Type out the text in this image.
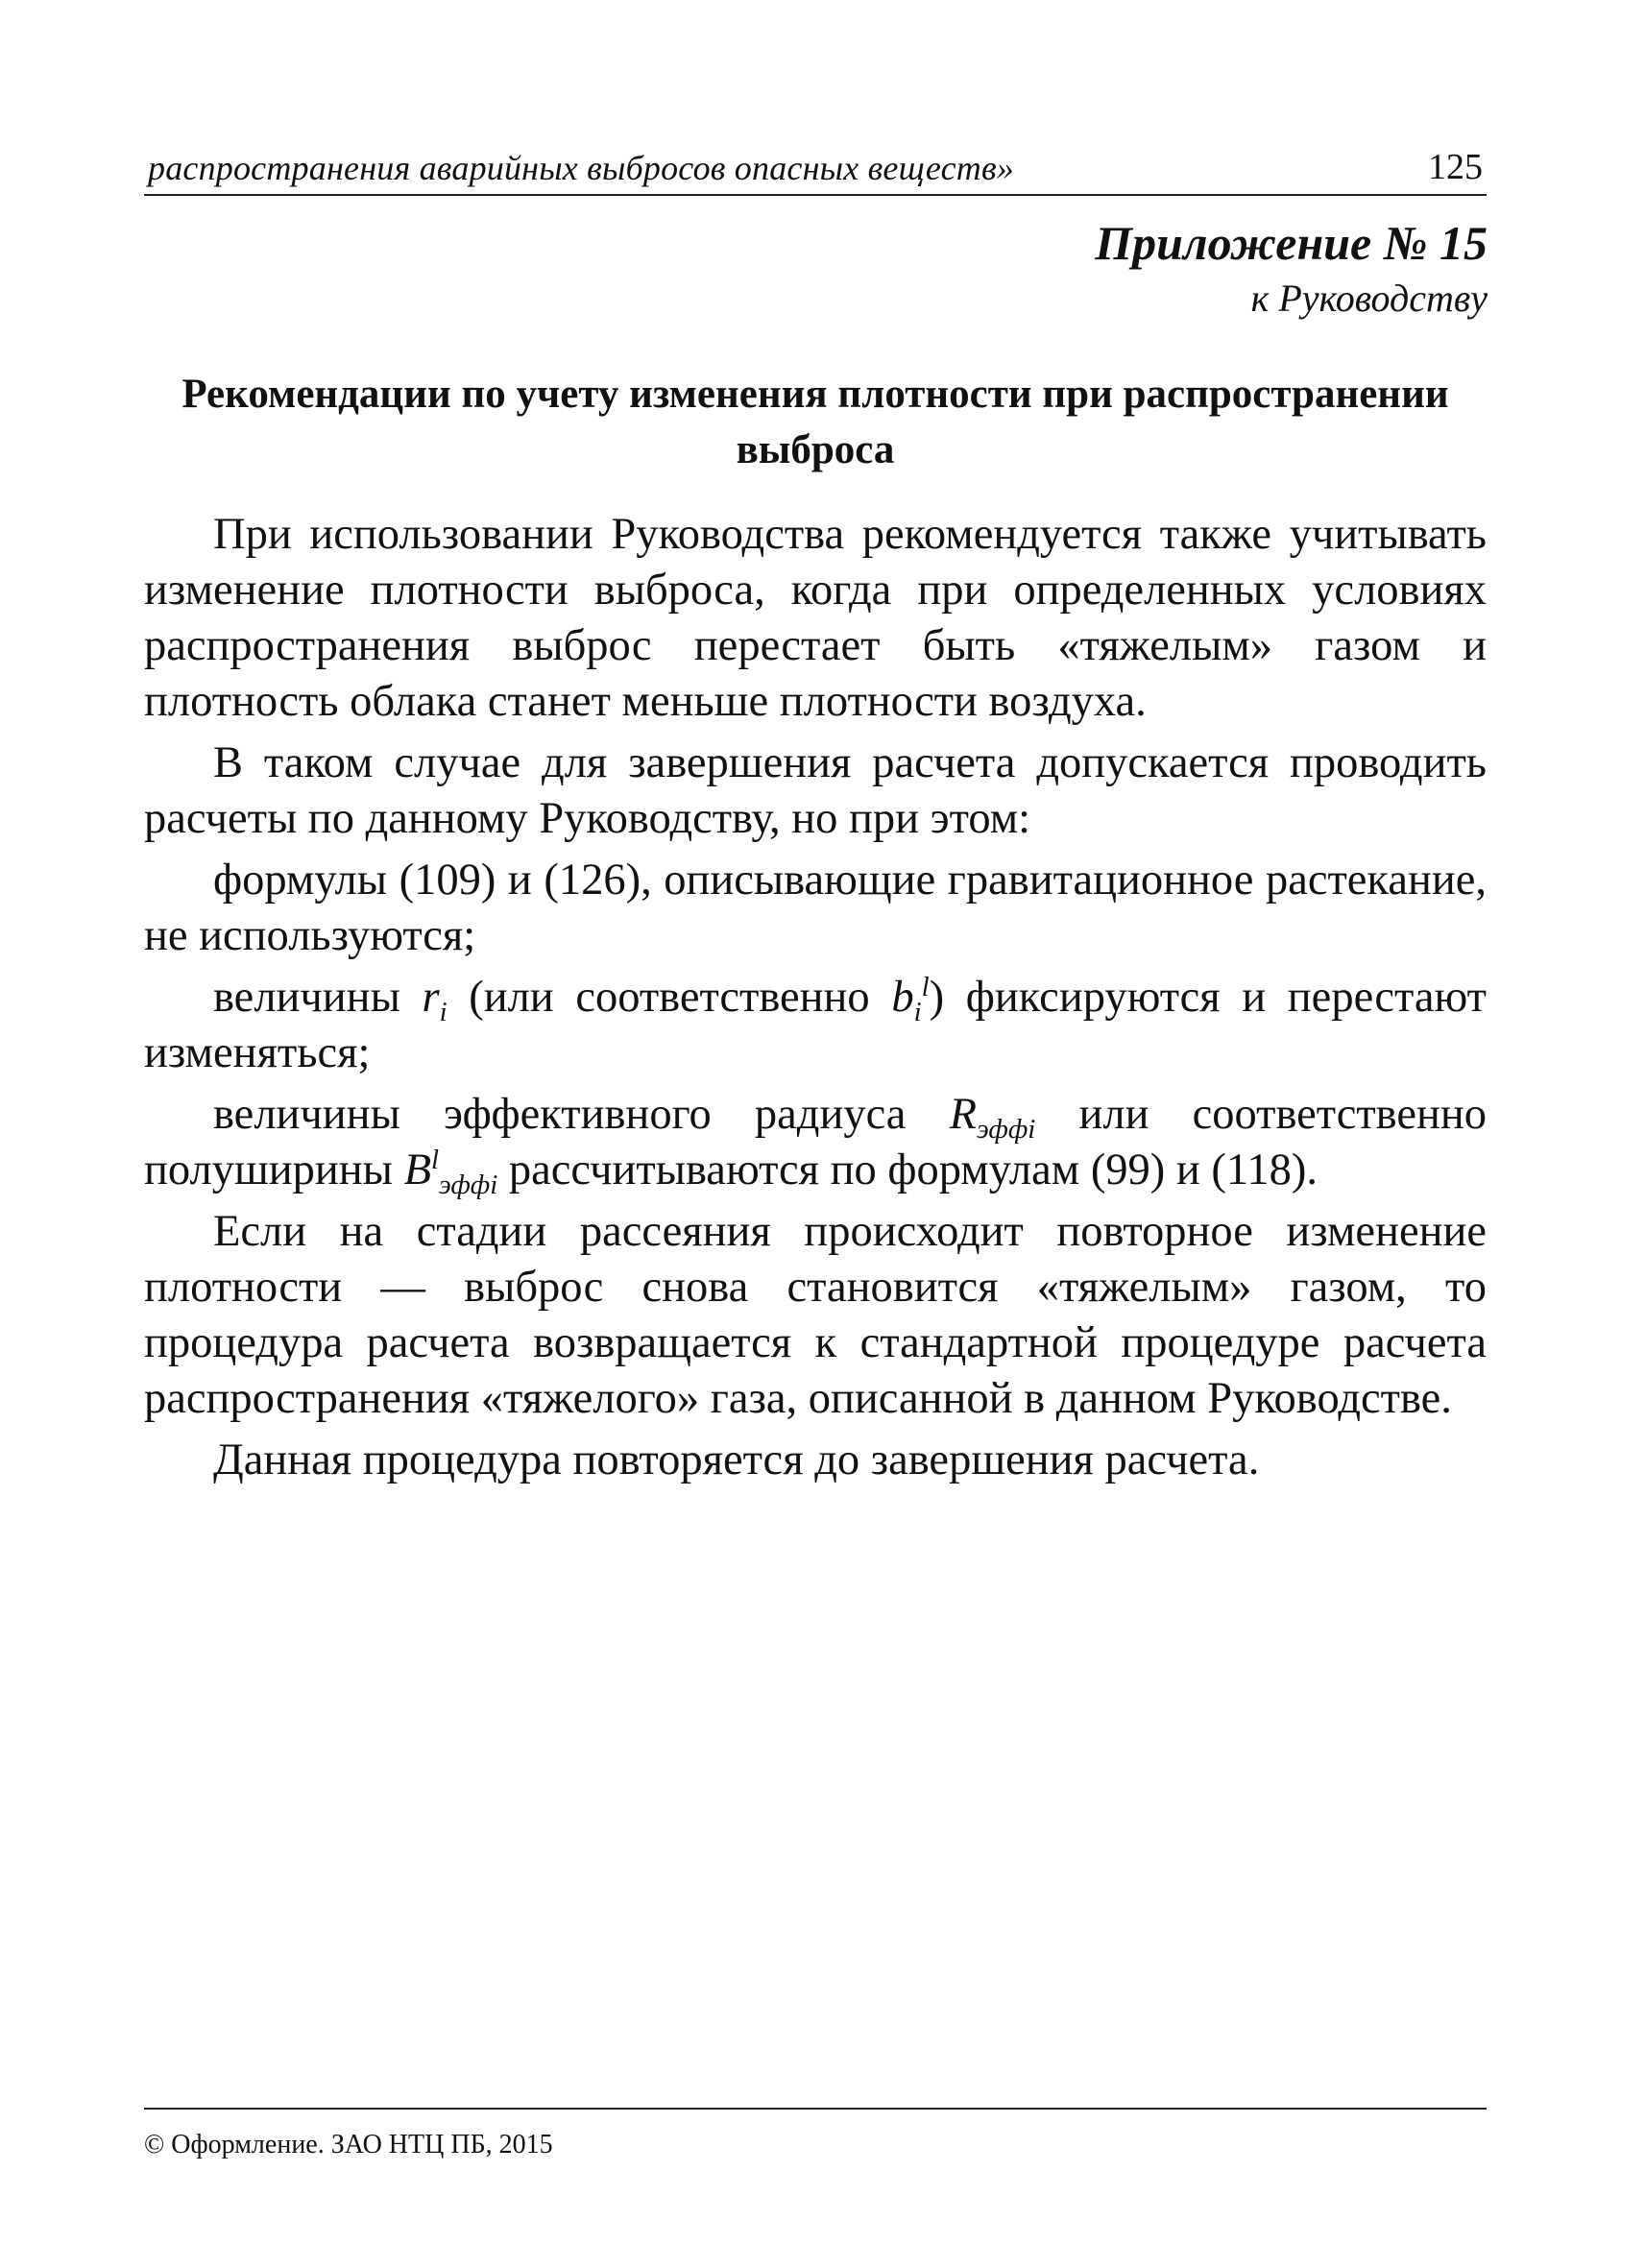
распространения аварийных выбросов опасных веществ»	125
Приложение № 15
к Руководству
Рекомендации по учету изменения плотности при распространении
выброса

При использовании Руководства рекомендуется также учитывать изменение плотности выброса, когда при определенных условиях распространения выброс перестает быть «тяжелым» газом и плотность облака станет меньше плотности воздуха.

В таком случае для завершения расчета допускается проводить расчеты по данному Руководству, но при этом:

формулы (109) и (126), описывающие гравитационное растекание, не используются;

величины $r_i$ (или соответственно $b_i^l$) фиксируются и перестают изменяться;

величины эффективного радиуса $R_{эффi}$ или соответственно полуширины $B^l_{эффi}$ рассчитываются по формулам (99) и (118).

Если на стадии рассеяния происходит повторное изменение плотности — выброс снова становится «тяжелым» газом, то процедура расчета возвращается к стандартной процедуре расчета распространения «тяжелого» газа, описанной в данном Руководстве.

Данная процедура повторяется до завершения расчета.

© Оформление. ЗАО НТЦ ПБ, 2015
